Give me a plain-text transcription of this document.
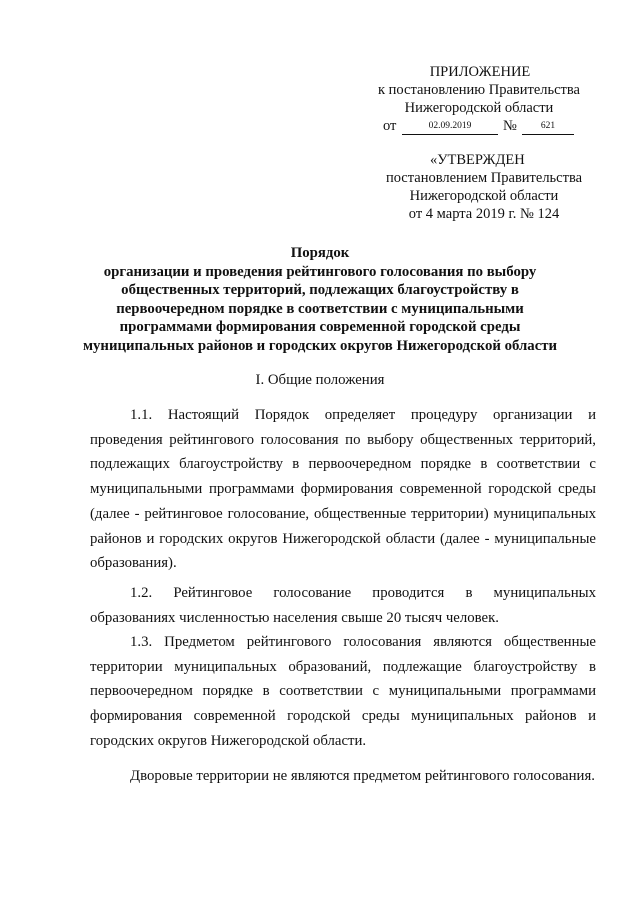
ПРИЛОЖЕНИЕ
к постановлению Правительства
Нижегородской области
от	02.09.2019	№	621
«УТВЕРЖДЕН
постановлением Правительства
Нижегородской области
от 4 марта 2019 г. № 124
Порядок
организации и проведения рейтингового голосования по выбору
общественных территорий, подлежащих благоустройству в
первоочередном порядке в соответствии с муниципальными
программами формирования современной городской среды
муниципальных районов и городских округов Нижегородской области
I. Общие положения

1.1. Настоящий Порядок определяет процедуру организации и проведения рейтингового голосования по выбору общественных территорий, подлежащих благоустройству в первоочередном порядке в соответствии с муниципальными программами формирования современной городской среды (далее - рейтинговое голосование, общественные территории) муниципальных районов и городских округов Нижегородской области (далее - муниципальные образования).

1.2. Рейтинговое голосование проводится в муниципальных образованиях численностью населения свыше 20 тысяч человек.

1.3. Предметом рейтингового голосования являются общественные территории муниципальных образований, подлежащие благоустройству в первоочередном порядке в соответствии с муниципальными программами формирования современной городской среды муниципальных районов и городских округов Нижегородской области.

Дворовые территории не являются предметом рейтингового голосования.
